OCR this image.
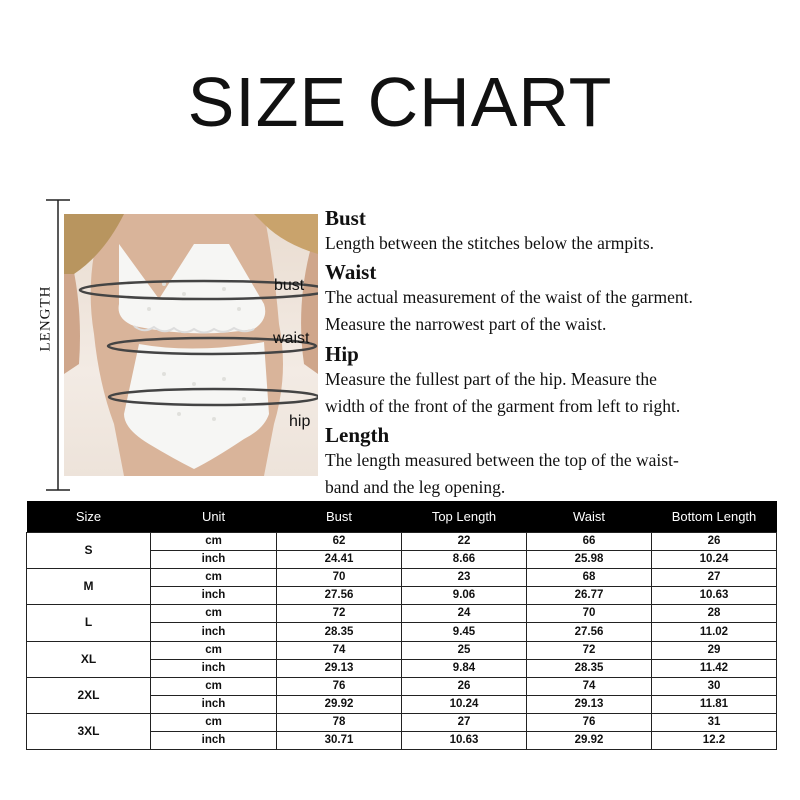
SIZE CHART
LENGTH	bust
waist
hip
Bust

Length between the stitches below the armpits.

Waist

The actual measurement of the waist of the garment.

Measure the narrowest part of the waist.

Hip

Measure the fullest part of the hip. Measure the

width of the front of the garment from left to right.

Length

The length measured between the top of the waist-

band and the leg opening.

Size	Unit	Bust	Top Length	Waist	Bottom Length
S	cm	62	22	66	26
	inch	24.41	8.66	25.98	10.24
M	cm	70	23	68	27
	inch	27.56	9.06	26.77	10.63
L	cm	72	24	70	28
	inch	28.35	9.45	27.56	11.02
XL	cm	74	25	72	29
	inch	29.13	9.84	28.35	11.42
2XL	cm	76	26	74	30
	inch	29.92	10.24	29.13	11.81
3XL	cm	78	27	76	31
	inch	30.71	10.63	29.92	12.2
